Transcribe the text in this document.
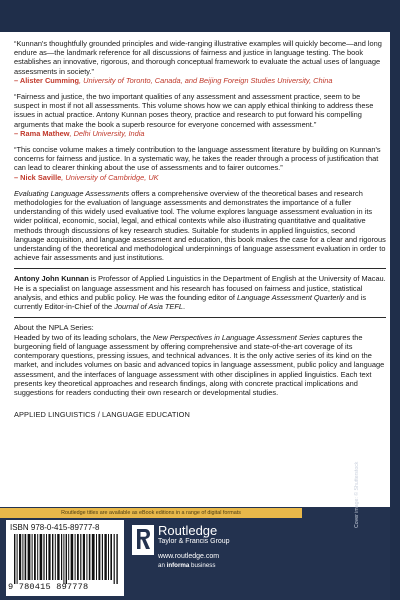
“Kunnan's thoughtfully grounded principles and wide-ranging illustrative examples will quickly become—and long endure as—the landmark reference for all discussions of fairness and justice in language testing. The book establishes an innovative, rigorous, and thorough conceptual framework to evaluate the actual uses of language assessments in society.”
– Alister Cumming, University of Toronto, Canada, and Beijing Foreign Studies University, China
“Fairness and justice, the two important qualities of any assessment and assessment practice, seem to be suspect in most if not all assessments. This volume shows how we can apply ethical thinking to address these issues in actual practice. Antony Kunnan poses theory, practice and research to put forward his compelling arguments that make the book a superb resource for everyone concerned with assessment.”
– Rama Mathew, Delhi University, India
“This concise volume makes a timely contribution to the language assessment literature by building on Kunnan's concerns for fairness and justice. In a systematic way, he takes the reader through a process of justification that can lead to clearer thinking about the use of assessments and to fairer outcomes.”
– Nick Saville, University of Cambridge, UK

Evaluating Language Assessments offers a comprehensive overview of the theoretical bases and research methodologies for the evaluation of language assessments and demonstrates the importance of a fuller understanding of this widely used evaluative tool. The volume explores language assessment evaluation in its wider political, economic, social, legal, and ethical contexts while also illustrating quantitative and qualitative methods through discussions of key research studies. Suitable for students in applied linguistics, second language acquisition, and language assessment and education, this book makes the case for a clear and rigorous understanding of the theoretical and methodological underpinnings of language assessment evaluation in order to achieve fair assessments and just institutions.

Antony John Kunnan is Professor of Applied Linguistics in the Department of English at the University of Macau. He is a specialist on language assessment and his research has focused on fairness and justice, statistical analysis, and ethics and public policy. He was the founding editor of Language Assessment Quarterly and is currently Editor-in-Chief of the Journal of Asia TEFL.

About the NPLA Series:

Headed by two of its leading scholars, the New Perspectives in Language Assessment Series captures the burgeoning field of language assessment by offering comprehensive and state-of-the-art coverage of its contemporary questions, pressing issues, and technical advances. It is the only active series of its kind on the market, and includes volumes on basic and advanced topics in language assessment, public policy and language assessment, and the interfaces of language assessment with other disciplines in applied linguistics. Each text presents key theoretical approaches and research findings, along with concrete practical implications and suggestions for readers conducting their own research or developmental studies.

APPLIED LINGUISTICS / LANGUAGE EDUCATION

Routledge titles are available as eBook editions in a range of digital formats
ISBN 978-0-415-89777-8
9 780415 897778
Routledge
Taylor & Francis Group
www.routledge.com
an informa business
Cover image: © Shutterstock
